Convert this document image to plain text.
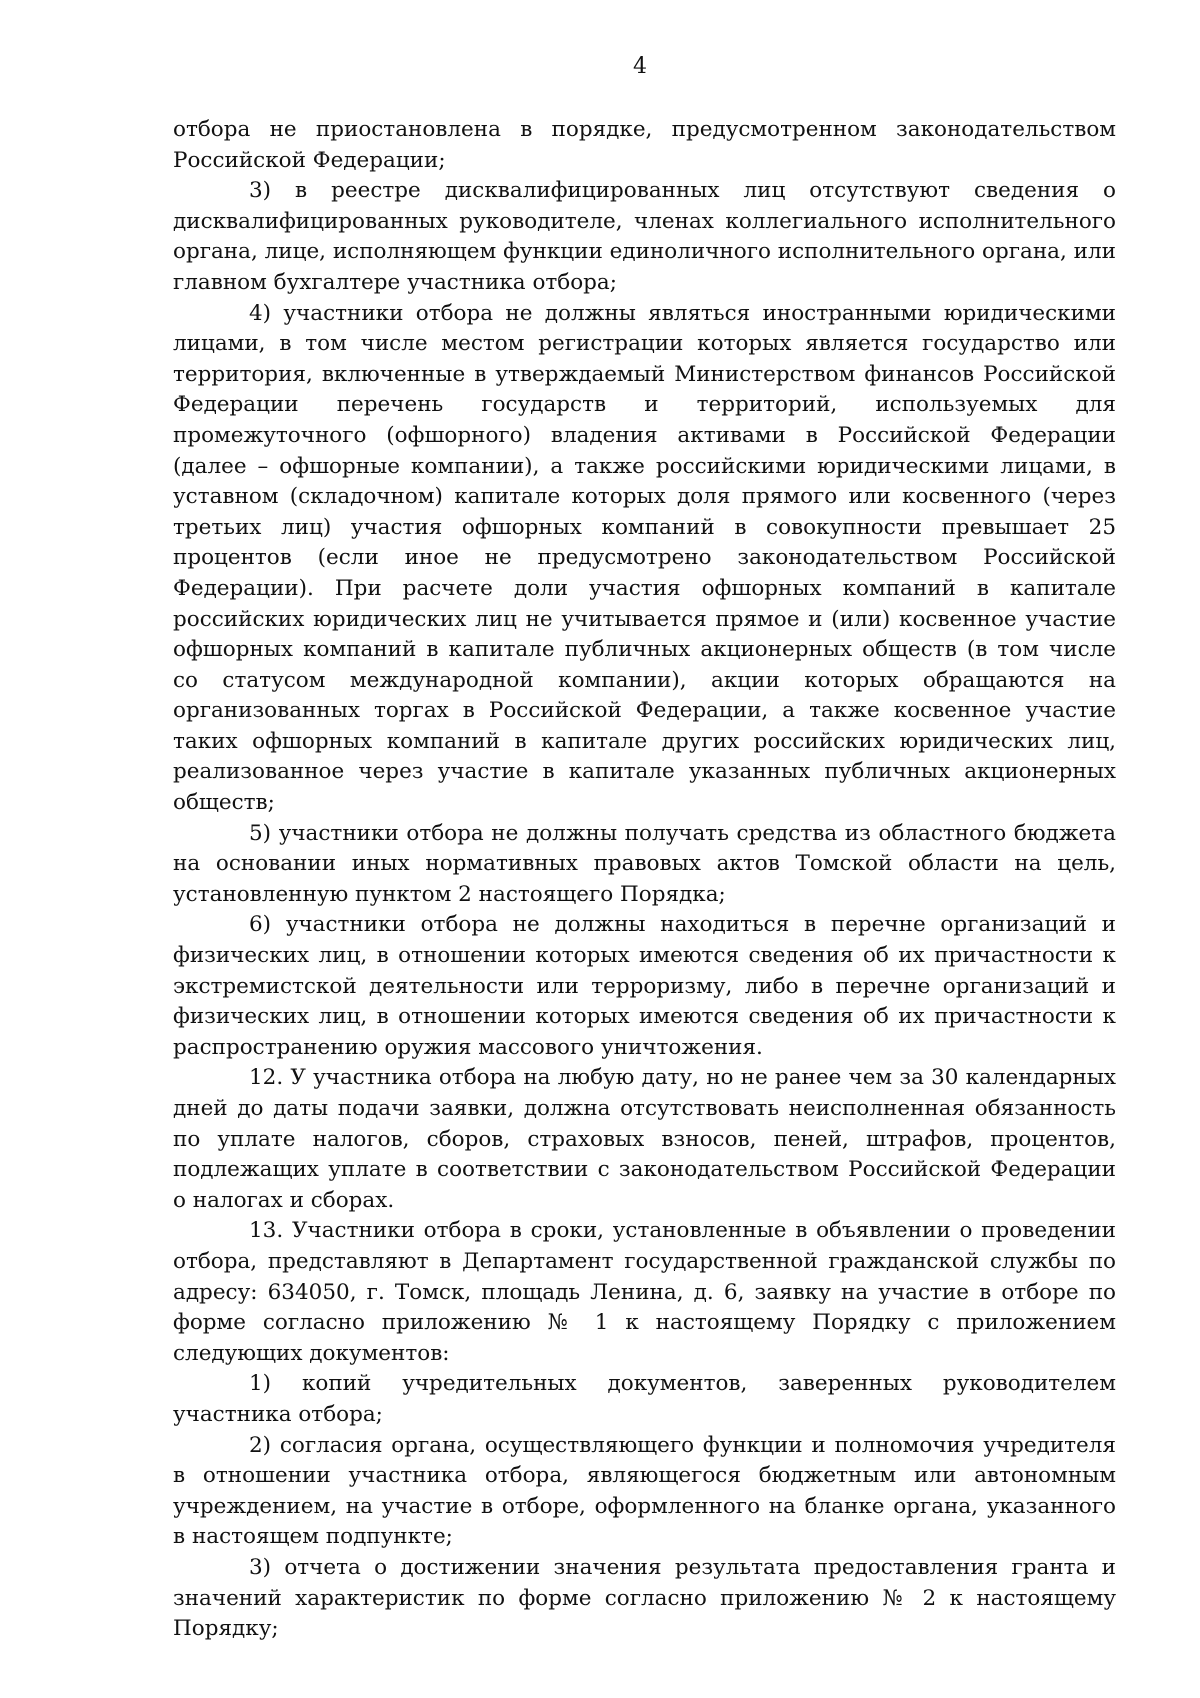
4

отбора не приостановлена в порядке, предусмотренном законодательством Российской Федерации;

3) в реестре дисквалифицированных лиц отсутствуют сведения о дисквалифицированных руководителе, членах коллегиального исполнительного органа, лице, исполняющем функции единоличного исполнительного органа, или главном бухгалтере участника отбора;

4) участники отбора не должны являться иностранными юридическими лицами, в том числе местом регистрации которых является государство или территория, включенные в утверждаемый Министерством финансов Российской Федерации перечень государств и территорий, используемых для промежуточного (офшорного) владения активами в Российской Федерации (далее – офшорные компании), а также российскими юридическими лицами, в уставном (складочном) капитале которых доля прямого или косвенного (через третьих лиц) участия офшорных компаний в совокупности превышает 25 процентов (если иное не предусмотрено законодательством Российской Федерации). При расчете доли участия офшорных компаний в капитале российских юридических лиц не учитывается прямое и (или) косвенное участие офшорных компаний в капитале публичных акционерных обществ (в том числе со статусом международной компании), акции которых обращаются на организованных торгах в Российской Федерации, а также косвенное участие таких офшорных компаний в капитале других российских юридических лиц, реализованное через участие в капитале указанных публичных акционерных обществ;

5) участники отбора не должны получать средства из областного бюджета на основании иных нормативных правовых актов Томской области на цель, установленную пунктом 2 настоящего Порядка;

6) участники отбора не должны находиться в перечне организаций и физических лиц, в отношении которых имеются сведения об их причастности к экстремистской деятельности или терроризму, либо в перечне организаций и физических лиц, в отношении которых имеются сведения об их причастности к распространению оружия массового уничтожения.

12. У участника отбора на любую дату, но не ранее чем за 30 календарных дней до даты подачи заявки, должна отсутствовать неисполненная обязанность по уплате налогов, сборов, страховых взносов, пеней, штрафов, процентов, подлежащих уплате в соответствии с законодательством Российской Федерации о налогах и сборах.

13. Участники отбора в сроки, установленные в объявлении о проведении отбора, представляют в Департамент государственной гражданской службы по адресу: 634050, г. Томск, площадь Ленина, д. 6, заявку на участие в отборе по форме согласно приложению № 1 к настоящему Порядку с приложением следующих документов:

1) копий учредительных документов, заверенных руководителем участника отбора;

2) согласия органа, осуществляющего функции и полномочия учредителя в отношении участника отбора, являющегося бюджетным или автономным учреждением, на участие в отборе, оформленного на бланке органа, указанного в настоящем подпункте;

3) отчета о достижении значения результата предоставления гранта и значений характеристик по форме согласно приложению № 2 к настоящему Порядку;
